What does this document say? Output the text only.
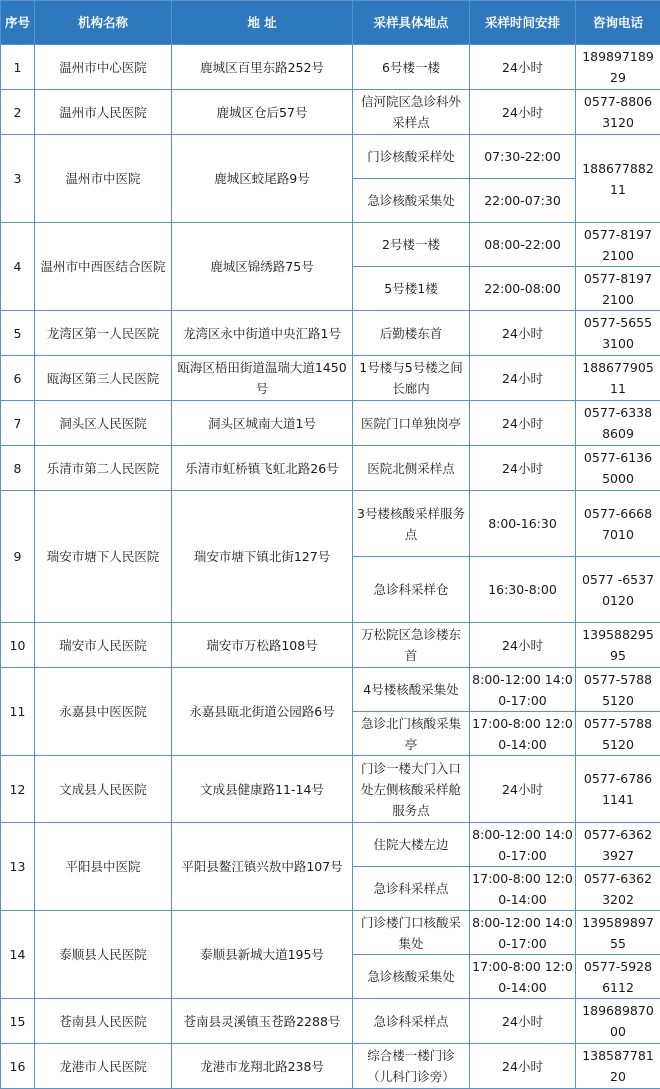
序号	机构名称	地 址	采样具体地点	采样时间安排	咨询电话
1	温州市中心医院	鹿城区百里东路252号	6号楼一楼	24小时	18989718929
2	温州市人民医院	鹿城区仓后57号	信河院区急诊科外采样点	24小时	0577-88063120
3	温州市中医院	鹿城区蛟尾路9号	门诊核酸采样处	07:30-22:00	18867788211
			急诊核酸采集处	22:00-07:30	
4	温州市中西医结合医院	鹿城区锦绣路75号	2号楼一楼	08:00-22:00	0577-81972100
			5号楼1楼	22:00-08:00	0577-81972100
5	龙湾区第一人民医院	龙湾区永中街道中央汇路1号	后勤楼东首	24小时	0577-56553100
6	瓯海区第三人民医院	瓯海区梧田街道温瑞大道1450号	1号楼与5号楼之间长廊内	24小时	18867790511
7	洞头区人民医院	洞头区城南大道1号	医院门口单独岗亭	24小时	0577-63388609
8	乐清市第二人民医院	乐清市虹桥镇飞虹北路26号	医院北侧采样点	24小时	0577-61365000
9	瑞安市塘下人民医院	瑞安市塘下镇北街127号	3号楼核酸采样服务点	8:00-16:30	0577-66687010
			急诊科采样仓	16:30-8:00	0577 -65370120
10	瑞安市人民医院	瑞安市万松路108号	万松院区急诊楼东首	24小时	13958829595
11	永嘉县中医医院	永嘉县瓯北街道公园路6号	4号楼核酸采集处	8:00-12:00 14:00-17:00	0577-57885120
			急诊北门核酸采集亭	17:00-8:00 12:00-14:00	0577-57885120
12	文成县人民医院	文成县健康路11-14号	门诊一楼大门入口处左侧核酸采样舱服务点	24小时	0577-67861141
13	平阳县中医院	平阳县鳌江镇兴敖中路107号	住院大楼左边	8:00-12:00 14:00-17:00	0577-63623927
			急诊科采样点	17:00-8:00 12:00-14:00	0577-63623202
14	泰顺县人民医院	泰顺县新城大道195号	门诊楼门口核酸采集处	8:00-12:00 14:00-17:00	13958989755
			急诊核酸采集处	17:00-8:00 12:00-14:00	0577-59286112
15	苍南县人民医院	苍南县灵溪镇玉苍路2288号	急诊科采样点	24小时	18968987000
16	龙港市人民医院	龙港市龙翔北路238号	综合楼一楼门诊（儿科门诊旁）	24小时	13858778120
